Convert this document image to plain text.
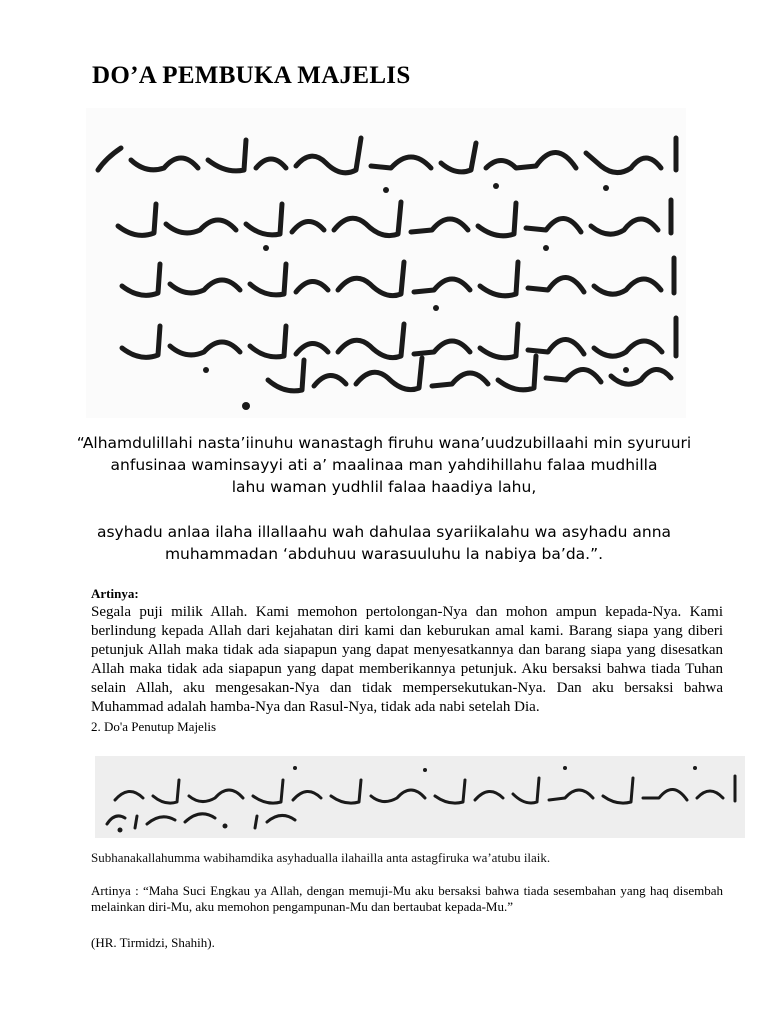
DO’A PEMBUKA MAJELIS
“Alhamdulillahi nasta’iinuhu wanastagh firuhu wana’uudzubillaahi min syuruuri
anfusinaa waminsayyi ati a’ maalinaa man yahdihillahu falaa mudhilla
lahu waman yudhlil falaa haadiya lahu,
asyhadu anlaa ilaha illallaahu wah dahulaa syariikalahu wa asyhadu anna
muhammadan ‘abduhuu warasuuluhu la nabiya ba’da.”.
Artinya:
Segala puji milik Allah. Kami memohon pertolongan-Nya dan mohon ampun kepada-Nya. Kami berlindung kepada Allah dari kejahatan diri kami dan keburukan amal kami. Barang siapa yang diberi petunjuk Allah maka tidak ada siapapun yang dapat menyesatkannya dan barang siapa yang disesatkan Allah maka tidak ada siapapun yang dapat memberikannya petunjuk. Aku bersaksi bahwa tiada Tuhan selain Allah, aku mengesakan-Nya dan tidak mempersekutukan-Nya. Dan aku bersaksi bahwa Muhammad adalah hamba-Nya dan Rasul-Nya, tidak ada nabi setelah Dia.
2. Do'a Penutup Majelis
Subhanakallahumma wabihamdika asyhadualla ilahailla anta astagfiruka wa’atubu ilaik.
Artinya : “Maha Suci Engkau ya Allah, dengan memuji-Mu aku bersaksi bahwa tiada sesembahan yang haq disembah melainkan diri-Mu, aku memohon pengampunan-Mu dan bertaubat kepada-Mu.”
(HR. Tirmidzi, Shahih).
